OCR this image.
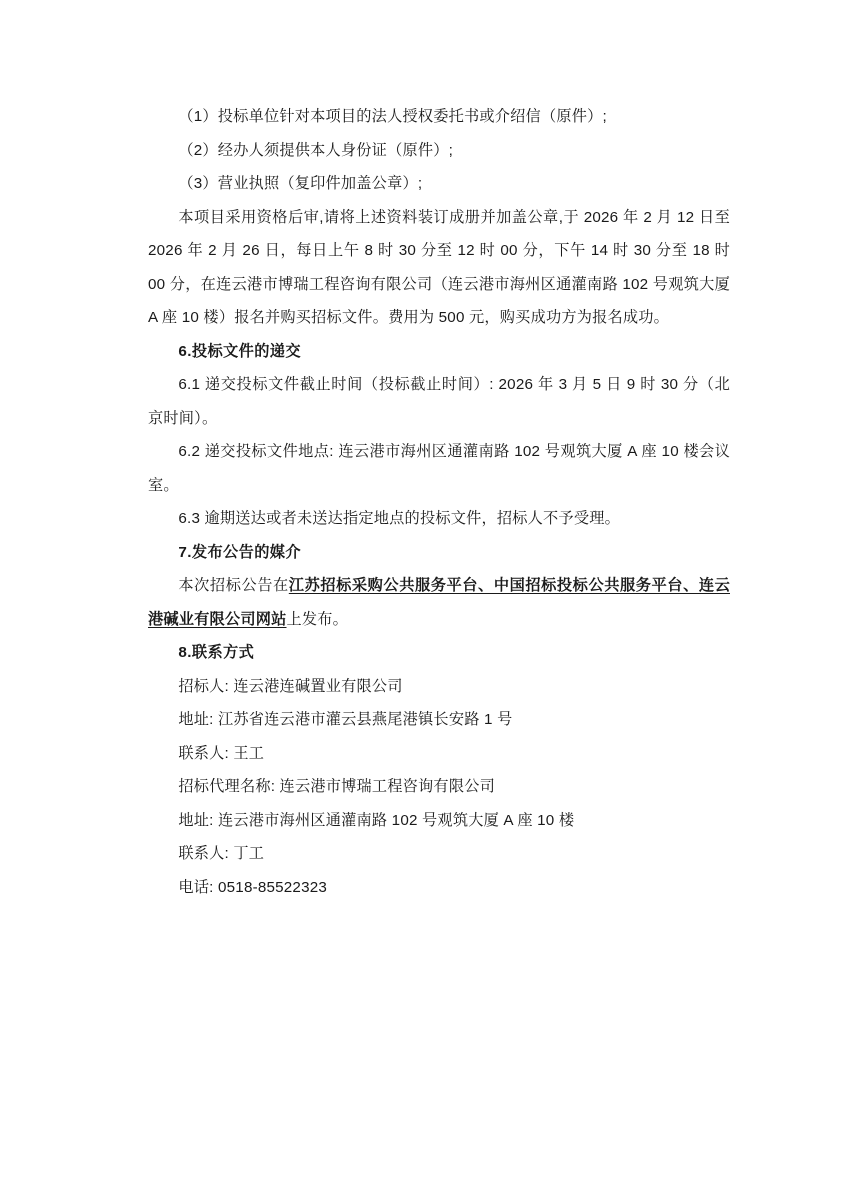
（1）投标单位针对本项目的法人授权委托书或介绍信（原件）;

（2）经办人须提供本人身份证（原件）;

（3）营业执照（复印件加盖公章）;

本项目采用资格后审,请将上述资料装订成册并加盖公章,于 2026 年 2 月 12 日至 2026 年 2 月 26 日，每日上午 8 时 30 分至 12 时 00 分，下午 14 时 30 分至 18 时 00 分，在连云港市博瑞工程咨询有限公司（连云港市海州区通灌南路 102 号观筑大厦 A 座 10 楼）报名并购买招标文件。费用为 500 元，购买成功方为报名成功。

6.投标文件的递交

6.1 递交投标文件截止时间（投标截止时间）: 2026 年 3 月 5 日 9 时 30 分（北京时间）。

6.2 递交投标文件地点: 连云港市海州区通灌南路 102 号观筑大厦 A 座 10 楼会议室。

6.3 逾期送达或者未送达指定地点的投标文件，招标人不予受理。

7.发布公告的媒介

本次招标公告在江苏招标采购公共服务平台、中国招标投标公共服务平台、连云港碱业有限公司网站上发布。

8.联系方式

招标人: 连云港连碱置业有限公司

地址: 江苏省连云港市灌云县燕尾港镇长安路 1 号

联系人: 王工

招标代理名称: 连云港市博瑞工程咨询有限公司

地址: 连云港市海州区通灌南路 102 号观筑大厦 A 座 10 楼

联系人: 丁工

电话: 0518-85522323
